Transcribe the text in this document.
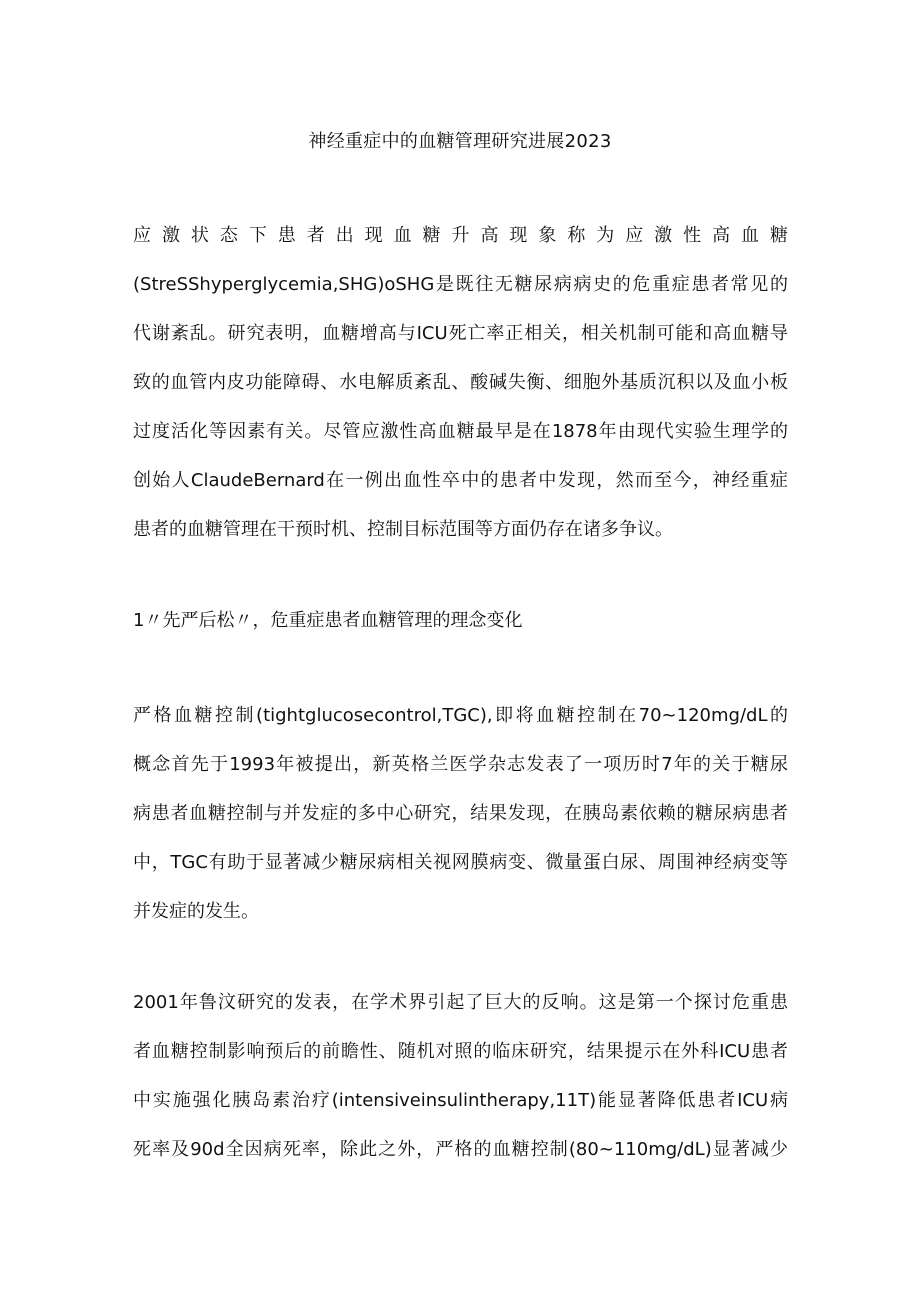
神经重症中的血糖管理研究进展2023
应激状态下患者出现血糖升高现象称为应激性高血糖
(StreSShyperglycemia,SHG)oSHG是既往无糖尿病病史的危重症患者常见的
代谢紊乱。研究表明，血糖增高与ICU死亡率正相关，相关机制可能和高血糖导
致的血管内皮功能障碍、水电解质紊乱、酸碱失衡、细胞外基质沉积以及血小板
过度活化等因素有关。尽管应激性高血糖最早是在1878年由现代实验生理学的
创始人ClaudeBernard在一例出血性卒中的患者中发现，然而至今，神经重症
患者的血糖管理在干预时机、控制目标范围等方面仍存在诸多争议。
1〃先严后松〃，危重症患者血糖管理的理念变化
严格血糖控制(tightglucosecontrol,TGC),即将血糖控制在70~120mg/dL的
概念首先于1993年被提出，新英格兰医学杂志发表了一项历时7年的关于糖尿
病患者血糖控制与并发症的多中心研究，结果发现，在胰岛素依赖的糖尿病患者
中，TGC有助于显著减少糖尿病相关视网膜病变、微量蛋白尿、周围神经病变等
并发症的发生。
2001年鲁汶研究的发表，在学术界引起了巨大的反响。这是第一个探讨危重患
者血糖控制影响预后的前瞻性、随机对照的临床研究，结果提示在外科ICU患者
中实施强化胰岛素治疗(intensiveinsulintherapy,11T)能显著降低患者ICU病
死率及90d全因病死率，除此之外，严格的血糖控制(80~110mg∕dL)显著减少
